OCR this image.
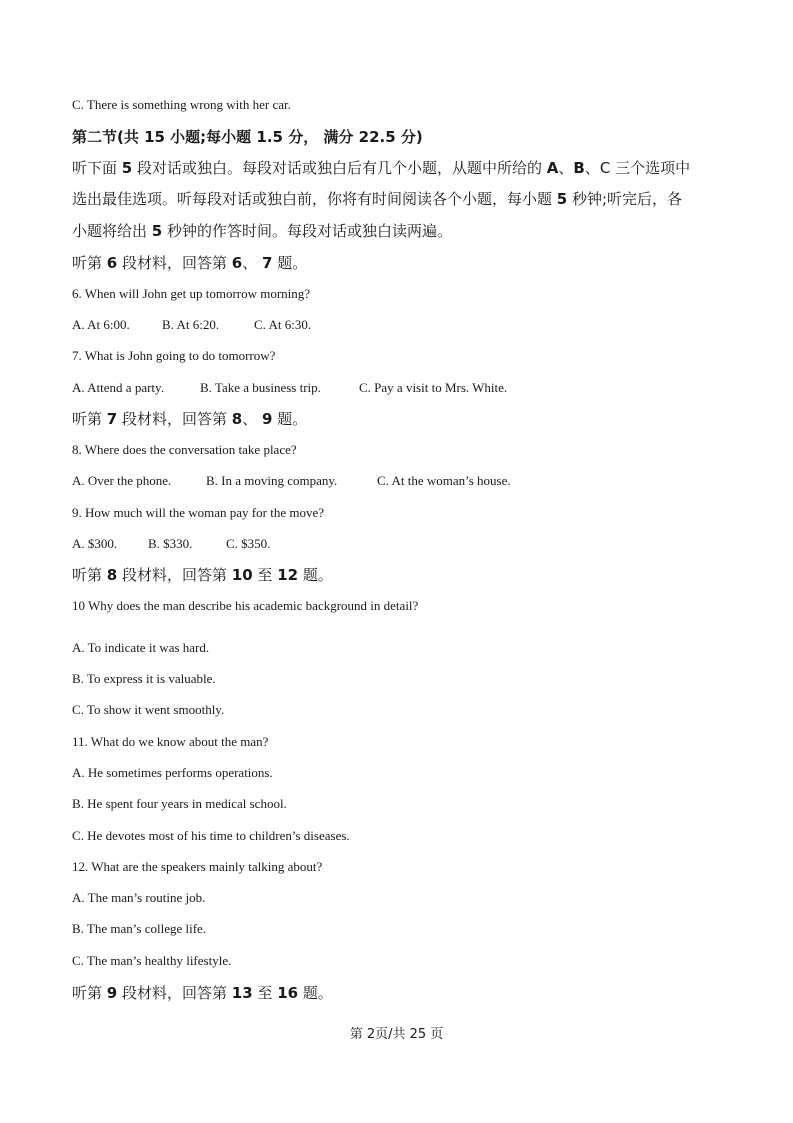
C. There is something wrong with her car.
第二节(共 15 小题;每小题 1.5 分， 满分 22.5 分)
听下面 5 段对话或独白。每段对话或独白后有几个小题，从题中所给的 A、B、C 三个选项中
选出最佳选项。听每段对话或独白前，你将有时间阅读各个小题，每小题 5 秒钟;听完后，各
小题将给出 5 秒钟的作答时间。每段对话或独白读两遍。
听第 6 段材料，回答第 6、 7 题。
6. When will John get up tomorrow morning?
A. At 6:00. B. At 6:20.	C. At 6:30.
7. What is John going to do tomorrow?
A. Attend a party.	B. Take a business trip.	C. Pay a visit to Mrs. White.
听第 7 段材料，回答第 8、 9 题。
8. Where does the conversation take place?
A. Over the phone.	B. In a moving company.	C. At the woman’s house.
9. How much will the woman pay for the move?
A. $300. B. $330.	C. $350.
听第 8 段材料，回答第 10 至 12 题。
10 Why does the man describe his academic background in detail?
A. To indicate it was hard.
B. To express it is valuable.
C. To show it went smoothly.
11. What do we know about the man?
A. He sometimes performs operations.
B. He spent four years in medical school.
C. He devotes most of his time to children’s diseases.
12. What are the speakers mainly talking about?
A. The man’s routine job.
B. The man’s college life.
C. The man’s healthy lifestyle.
听第 9 段材料，回答第 13 至 16 题。
第 2页/共 25 页
